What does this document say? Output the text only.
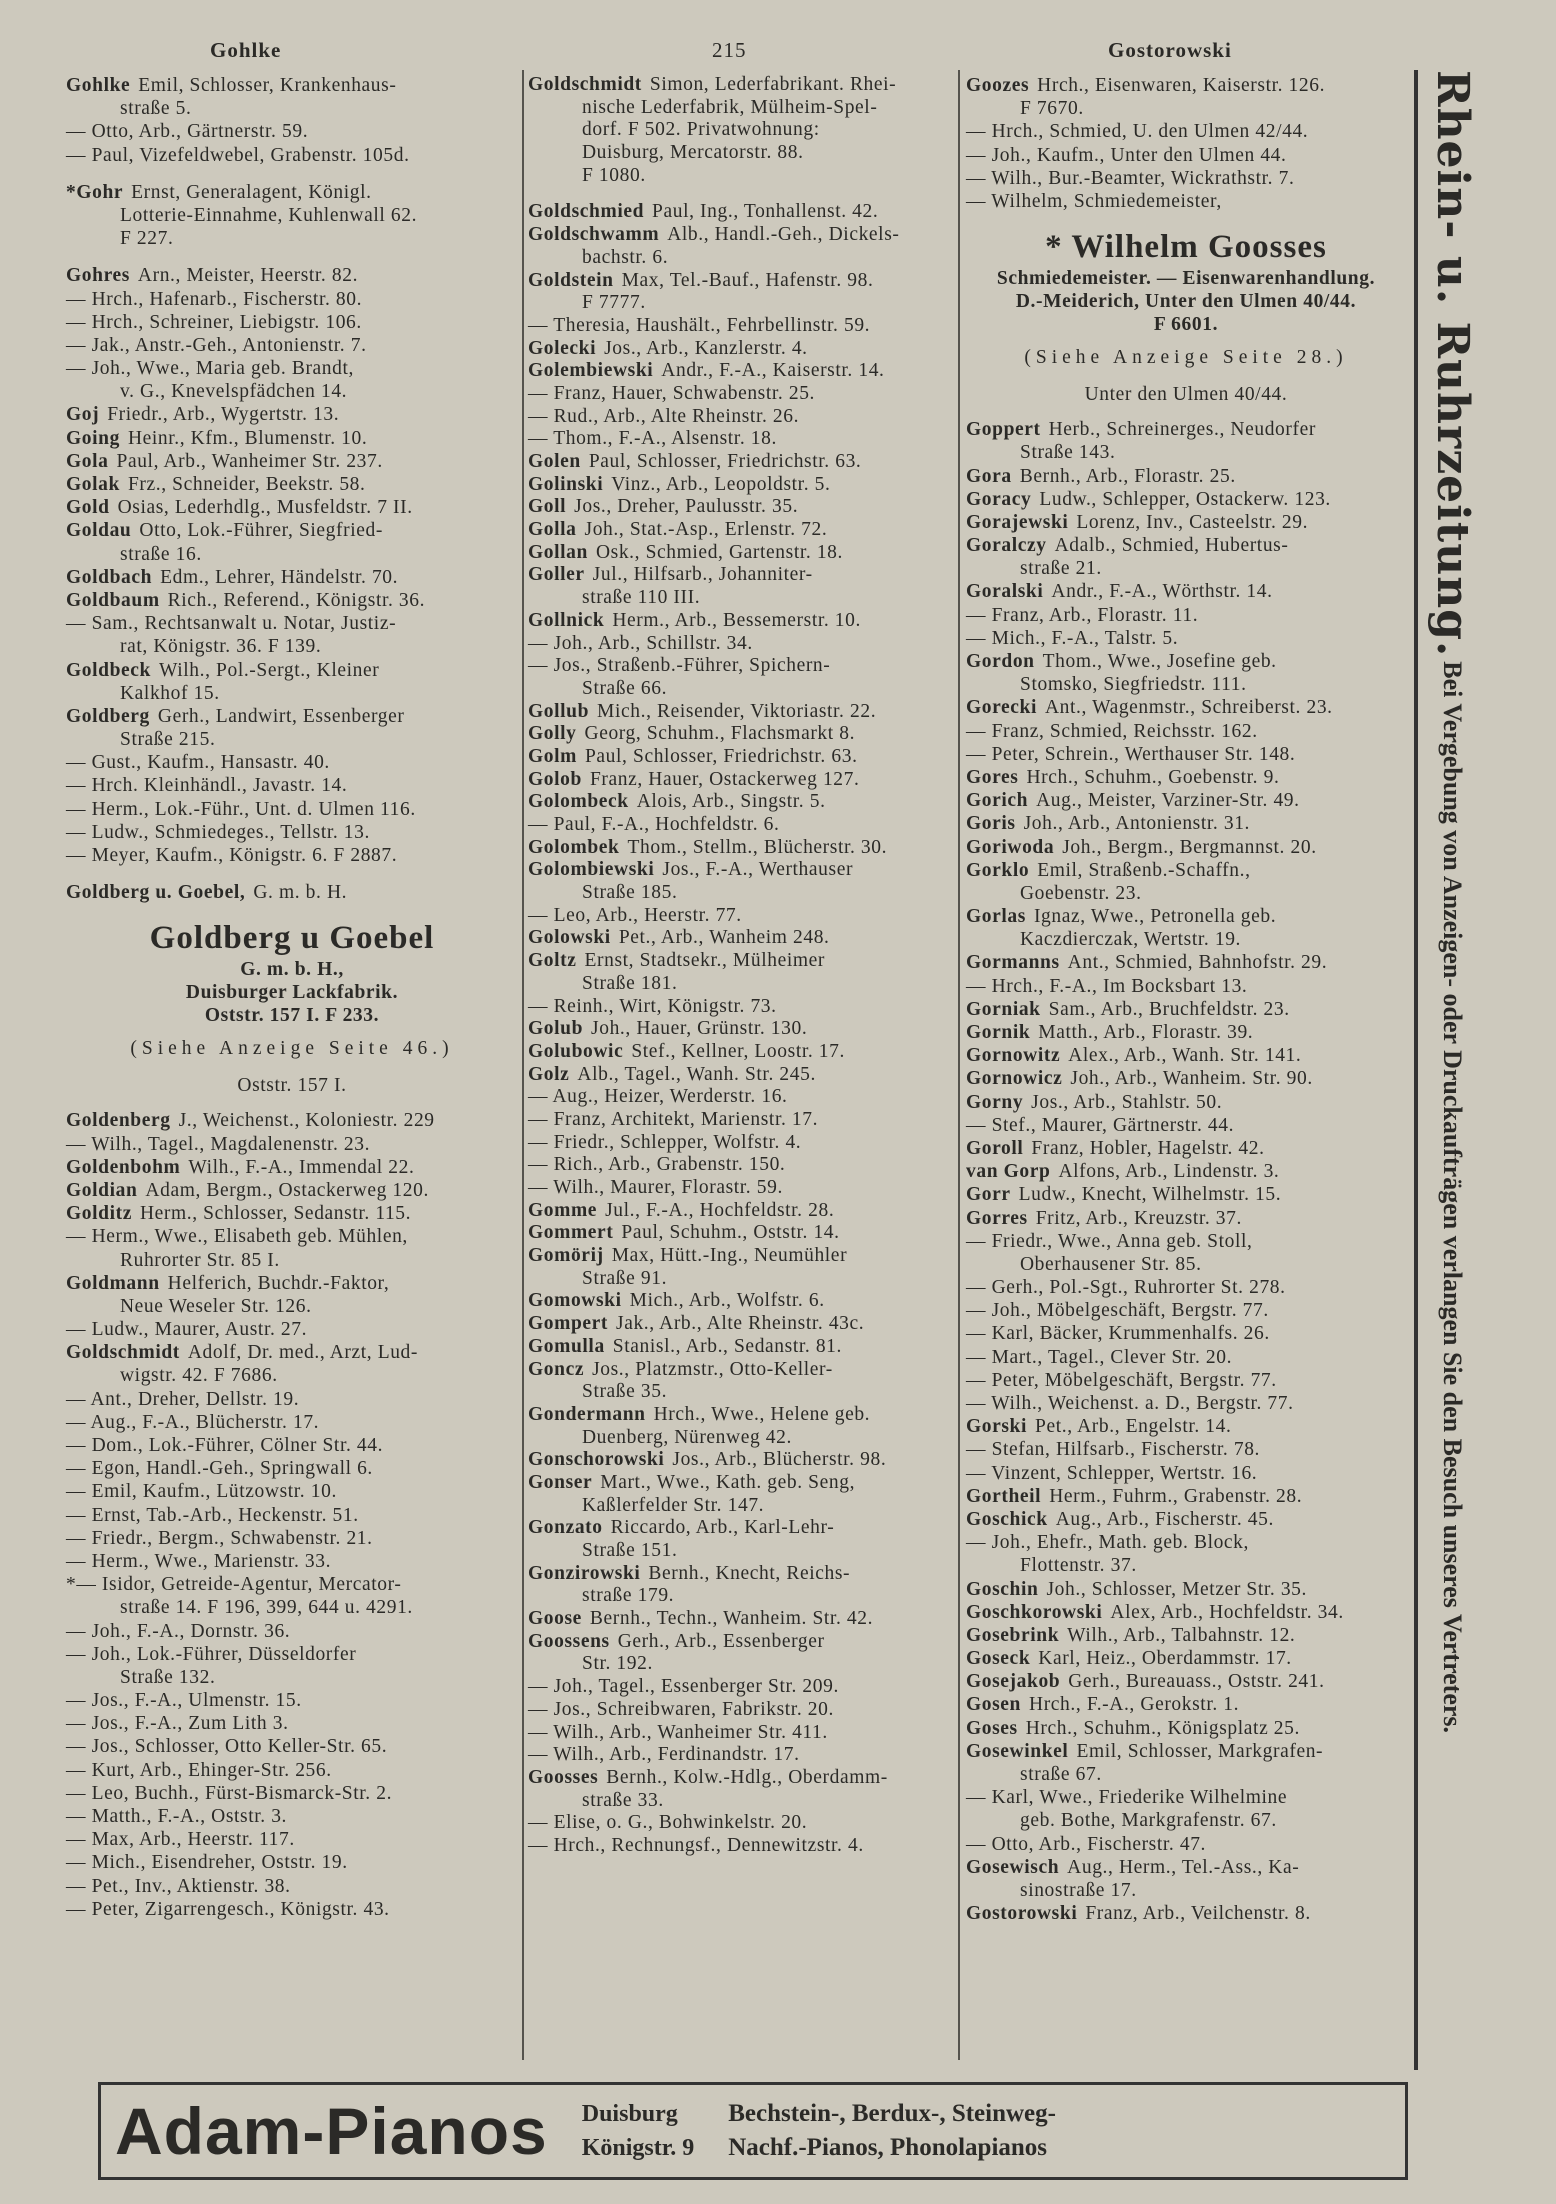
Gohlke	215	Gostorowski
Gohlke Emil, Schlosser, Krankenhaus-
straße 5.
— Otto, Arb., Gärtnerstr. 59.
— Paul, Vizefeldwebel, Grabenstr. 105d.
*Gohr Ernst, Generalagent, Königl.
Lotterie-Einnahme, Kuhlenwall 62.
F 227.
Gohres Arn., Meister, Heerstr. 82.
— Hrch., Hafenarb., Fischerstr. 80.
— Hrch., Schreiner, Liebigstr. 106.
— Jak., Anstr.-Geh., Antonienstr. 7.
— Joh., Wwe., Maria geb. Brandt,
v. G., Knevelspfädchen 14.
Goj Friedr., Arb., Wygertstr. 13.
Going Heinr., Kfm., Blumenstr. 10.
Gola Paul, Arb., Wanheimer Str. 237.
Golak Frz., Schneider, Beekstr. 58.
Gold Osias, Lederhdlg., Musfeldstr. 7 II.
Goldau Otto, Lok.-Führer, Siegfried-
straße 16.
Goldbach Edm., Lehrer, Händelstr. 70.
Goldbaum Rich., Referend., Königstr. 36.
— Sam., Rechtsanwalt u. Notar, Justiz-
rat, Königstr. 36. F 139.
Goldbeck Wilh., Pol.-Sergt., Kleiner
Kalkhof 15.
Goldberg Gerh., Landwirt, Essenberger
Straße 215.
— Gust., Kaufm., Hansastr. 40.
— Hrch. Kleinhändl., Javastr. 14.
— Herm., Lok.-Führ., Unt. d. Ulmen 116.
— Ludw., Schmiedeges., Tellstr. 13.
— Meyer, Kaufm., Königstr. 6. F 2887.
Goldberg u. Goebel, G. m. b. H.
Goldberg u Goebel
G. m. b. H.,
Duisburger Lackfabrik.
Oststr. 157 I. F 233.
(Siehe Anzeige Seite 46.)
Oststr. 157 I.
Goldenberg J., Weichenst., Koloniestr. 229
— Wilh., Tagel., Magdalenenstr. 23.
Goldenbohm Wilh., F.-A., Immendal 22.
Goldian Adam, Bergm., Ostackerweg 120.
Golditz Herm., Schlosser, Sedanstr. 115.
— Herm., Wwe., Elisabeth geb. Mühlen,
Ruhrorter Str. 85 I.
Goldmann Helferich, Buchdr.-Faktor,
Neue Weseler Str. 126.
— Ludw., Maurer, Austr. 27.
Goldschmidt Adolf, Dr. med., Arzt, Lud-
wigstr. 42. F 7686.
— Ant., Dreher, Dellstr. 19.
— Aug., F.-A., Blücherstr. 17.
— Dom., Lok.-Führer, Cölner Str. 44.
— Egon, Handl.-Geh., Springwall 6.
— Emil, Kaufm., Lützowstr. 10.
— Ernst, Tab.-Arb., Heckenstr. 51.
— Friedr., Bergm., Schwabenstr. 21.
— Herm., Wwe., Marienstr. 33.
*— Isidor, Getreide-Agentur, Mercator-
straße 14. F 196, 399, 644 u. 4291.
— Joh., F.-A., Dornstr. 36.
— Joh., Lok.-Führer, Düsseldorfer
Straße 132.
— Jos., F.-A., Ulmenstr. 15.
— Jos., F.-A., Zum Lith 3.
— Jos., Schlosser, Otto Keller-Str. 65.
— Kurt, Arb., Ehinger-Str. 256.
— Leo, Buchh., Fürst-Bismarck-Str. 2.
— Matth., F.-A., Oststr. 3.
— Max, Arb., Heerstr. 117.
— Mich., Eisendreher, Oststr. 19.
— Pet., Inv., Aktienstr. 38.
— Peter, Zigarrengesch., Königstr. 43.
Goldschmidt Simon, Lederfabrikant. Rhei-
nische Lederfabrik, Mülheim-Spel-
dorf. F 502. Privatwohnung:
Duisburg, Mercatorstr. 88.
F 1080.
Goldschmied Paul, Ing., Tonhallenst. 42.
Goldschwamm Alb., Handl.-Geh., Dickels-
bachstr. 6.
Goldstein Max, Tel.-Bauf., Hafenstr. 98.
F 7777.
— Theresia, Haushält., Fehrbellinstr. 59.
Golecki Jos., Arb., Kanzlerstr. 4.
Golembiewski Andr., F.-A., Kaiserstr. 14.
— Franz, Hauer, Schwabenstr. 25.
— Rud., Arb., Alte Rheinstr. 26.
— Thom., F.-A., Alsenstr. 18.
Golen Paul, Schlosser, Friedrichstr. 63.
Golinski Vinz., Arb., Leopoldstr. 5.
Goll Jos., Dreher, Paulusstr. 35.
Golla Joh., Stat.-Asp., Erlenstr. 72.
Gollan Osk., Schmied, Gartenstr. 18.
Goller Jul., Hilfsarb., Johanniter-
straße 110 III.
Gollnick Herm., Arb., Bessemerstr. 10.
— Joh., Arb., Schillstr. 34.
— Jos., Straßenb.-Führer, Spichern-
Straße 66.
Gollub Mich., Reisender, Viktoriastr. 22.
Golly Georg, Schuhm., Flachsmarkt 8.
Golm Paul, Schlosser, Friedrichstr. 63.
Golob Franz, Hauer, Ostackerweg 127.
Golombeck Alois, Arb., Singstr. 5.
— Paul, F.-A., Hochfeldstr. 6.
Golombek Thom., Stellm., Blücherstr. 30.
Golombiewski Jos., F.-A., Werthauser
Straße 185.
— Leo, Arb., Heerstr. 77.
Golowski Pet., Arb., Wanheim 248.
Goltz Ernst, Stadtsekr., Mülheimer
Straße 181.
— Reinh., Wirt, Königstr. 73.
Golub Joh., Hauer, Grünstr. 130.
Golubowic Stef., Kellner, Loostr. 17.
Golz Alb., Tagel., Wanh. Str. 245.
— Aug., Heizer, Werderstr. 16.
— Franz, Architekt, Marienstr. 17.
— Friedr., Schlepper, Wolfstr. 4.
— Rich., Arb., Grabenstr. 150.
— Wilh., Maurer, Florastr. 59.
Gomme Jul., F.-A., Hochfeldstr. 28.
Gommert Paul, Schuhm., Oststr. 14.
Gomörij Max, Hütt.-Ing., Neumühler
Straße 91.
Gomowski Mich., Arb., Wolfstr. 6.
Gompert Jak., Arb., Alte Rheinstr. 43c.
Gomulla Stanisl., Arb., Sedanstr. 81.
Goncz Jos., Platzmstr., Otto-Keller-
Straße 35.
Gondermann Hrch., Wwe., Helene geb.
Duenberg, Nürenweg 42.
Gonschorowski Jos., Arb., Blücherstr. 98.
Gonser Mart., Wwe., Kath. geb. Seng,
Kaßlerfelder Str. 147.
Gonzato Riccardo, Arb., Karl-Lehr-
Straße 151.
Gonzirowski Bernh., Knecht, Reichs-
straße 179.
Goose Bernh., Techn., Wanheim. Str. 42.
Goossens Gerh., Arb., Essenberger
Str. 192.
— Joh., Tagel., Essenberger Str. 209.
— Jos., Schreibwaren, Fabrikstr. 20.
— Wilh., Arb., Wanheimer Str. 411.
— Wilh., Arb., Ferdinandstr. 17.
Goosses Bernh., Kolw.-Hdlg., Oberdamm-
straße 33.
— Elise, o. G., Bohwinkelstr. 20.
— Hrch., Rechnungsf., Dennewitzstr. 4.
Goozes Hrch., Eisenwaren, Kaiserstr. 126.
F 7670.
— Hrch., Schmied, U. den Ulmen 42/44.
— Joh., Kaufm., Unter den Ulmen 44.
— Wilh., Bur.-Beamter, Wickrathstr. 7.
— Wilhelm, Schmiedemeister,
* Wilhelm Goosses
Schmiedemeister. — Eisenwarenhandlung.
D.-Meiderich, Unter den Ulmen 40/44.
F 6601.
(Siehe Anzeige Seite 28.)
Unter den Ulmen 40/44.
Goppert Herb., Schreinerges., Neudorfer
Straße 143.
Gora Bernh., Arb., Florastr. 25.
Goracy Ludw., Schlepper, Ostackerw. 123.
Gorajewski Lorenz, Inv., Casteelstr. 29.
Goralczy Adalb., Schmied, Hubertus-
straße 21.
Goralski Andr., F.-A., Wörthstr. 14.
— Franz, Arb., Florastr. 11.
— Mich., F.-A., Talstr. 5.
Gordon Thom., Wwe., Josefine geb.
Stomsko, Siegfriedstr. 111.
Gorecki Ant., Wagenmstr., Schreiberst. 23.
— Franz, Schmied, Reichsstr. 162.
— Peter, Schrein., Werthauser Str. 148.
Gores Hrch., Schuhm., Goebenstr. 9.
Gorich Aug., Meister, Varziner-Str. 49.
Goris Joh., Arb., Antonienstr. 31.
Goriwoda Joh., Bergm., Bergmannst. 20.
Gorklo Emil, Straßenb.-Schaffn.,
Goebenstr. 23.
Gorlas Ignaz, Wwe., Petronella geb.
Kaczdierczak, Wertstr. 19.
Gormanns Ant., Schmied, Bahnhofstr. 29.
— Hrch., F.-A., Im Bocksbart 13.
Gorniak Sam., Arb., Bruchfeldstr. 23.
Gornik Matth., Arb., Florastr. 39.
Gornowitz Alex., Arb., Wanh. Str. 141.
Gornowicz Joh., Arb., Wanheim. Str. 90.
Gorny Jos., Arb., Stahlstr. 50.
— Stef., Maurer, Gärtnerstr. 44.
Goroll Franz, Hobler, Hagelstr. 42.
van Gorp Alfons, Arb., Lindenstr. 3.
Gorr Ludw., Knecht, Wilhelmstr. 15.
Gorres Fritz, Arb., Kreuzstr. 37.
— Friedr., Wwe., Anna geb. Stoll,
Oberhausener Str. 85.
— Gerh., Pol.-Sgt., Ruhrorter St. 278.
— Joh., Möbelgeschäft, Bergstr. 77.
— Karl, Bäcker, Krummenhalfs. 26.
— Mart., Tagel., Clever Str. 20.
— Peter, Möbelgeschäft, Bergstr. 77.
— Wilh., Weichenst. a. D., Bergstr. 77.
Gorski Pet., Arb., Engelstr. 14.
— Stefan, Hilfsarb., Fischerstr. 78.
— Vinzent, Schlepper, Wertstr. 16.
Gortheil Herm., Fuhrm., Grabenstr. 28.
Goschick Aug., Arb., Fischerstr. 45.
— Joh., Ehefr., Math. geb. Block,
Flottenstr. 37.
Goschin Joh., Schlosser, Metzer Str. 35.
Goschkorowski Alex, Arb., Hochfeldstr. 34.
Gosebrink Wilh., Arb., Talbahnstr. 12.
Goseck Karl, Heiz., Oberdammstr. 17.
Gosejakob Gerh., Bureauass., Oststr. 241.
Gosen Hrch., F.-A., Gerokstr. 1.
Goses Hrch., Schuhm., Königsplatz 25.
Gosewinkel Emil, Schlosser, Markgrafen-
straße 67.
— Karl, Wwe., Friederike Wilhelmine
geb. Bothe, Markgrafenstr. 67.
— Otto, Arb., Fischerstr. 47.
Gosewisch Aug., Herm., Tel.-Ass., Ka-
sinostraße 17.
Gostorowski Franz, Arb., Veilchenstr. 8.
Rhein- u. Ruhrzeitung. Bei Vergebung von Anzeigen- oder Druckaufträgen verlangen Sie den Besuch unseres Vertreters.
Adam-Pianos Duisburg
Königstr. 9
Bechstein-, Berdux-, Steinweg-
Nachf.-Pianos, Phonolapianos
